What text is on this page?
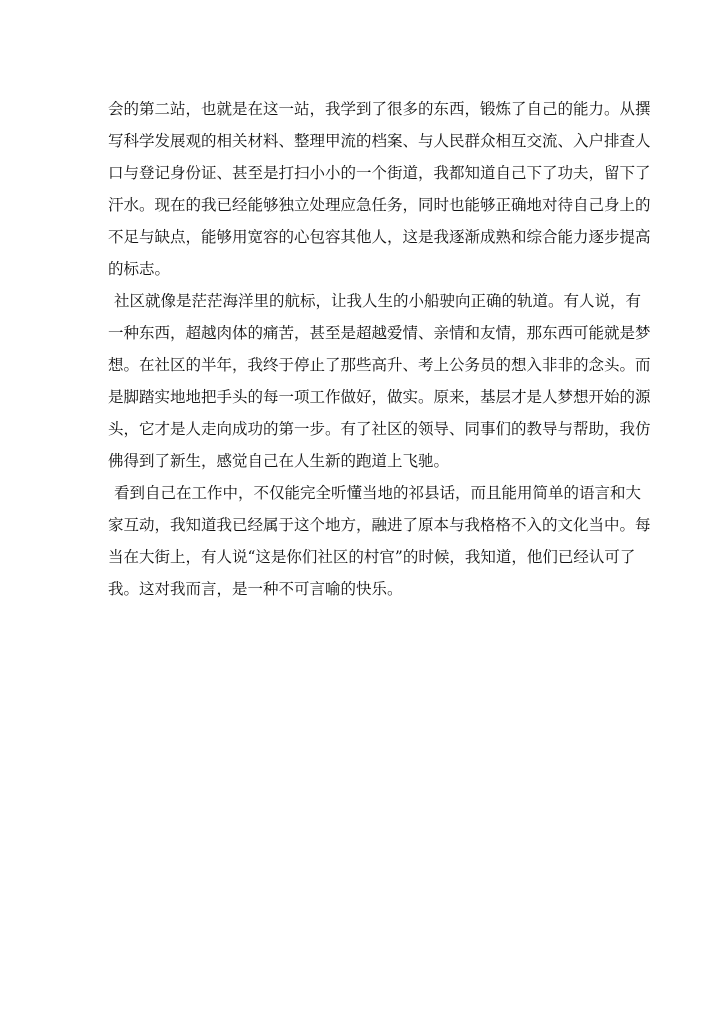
会的第二站，也就是在这一站，我学到了很多的东西，锻炼了自己的能力。从撰
写科学发展观的相关材料、整理甲流的档案、与人民群众相互交流、入户排查人
口与登记身份证、甚至是打扫小小的一个街道，我都知道自己下了功夫，留下了
汗水。现在的我已经能够独立处理应急任务，同时也能够正确地对待自己身上的
不足与缺点，能够用宽容的心包容其他人，这是我逐渐成熟和综合能力逐步提高
的标志。
社区就像是茫茫海洋里的航标，让我人生的小船驶向正确的轨道。有人说，有
一种东西，超越肉体的痛苦，甚至是超越爱情、亲情和友情，那东西可能就是梦
想。在社区的半年，我终于停止了那些高升、考上公务员的想入非非的念头。而
是脚踏实地地把手头的每一项工作做好，做实。原来，基层才是人梦想开始的源
头，它才是人走向成功的第一步。有了社区的领导、同事们的教导与帮助，我仿
佛得到了新生，感觉自己在人生新的跑道上飞驰。
看到自己在工作中，不仅能完全听懂当地的祁县话，而且能用简单的语言和大
家互动，我知道我已经属于这个地方，融进了原本与我格格不入的文化当中。每
当在大街上，有人说“这是你们社区的村官”的时候，我知道，他们已经认可了
我。这对我而言，是一种不可言喻的快乐。
